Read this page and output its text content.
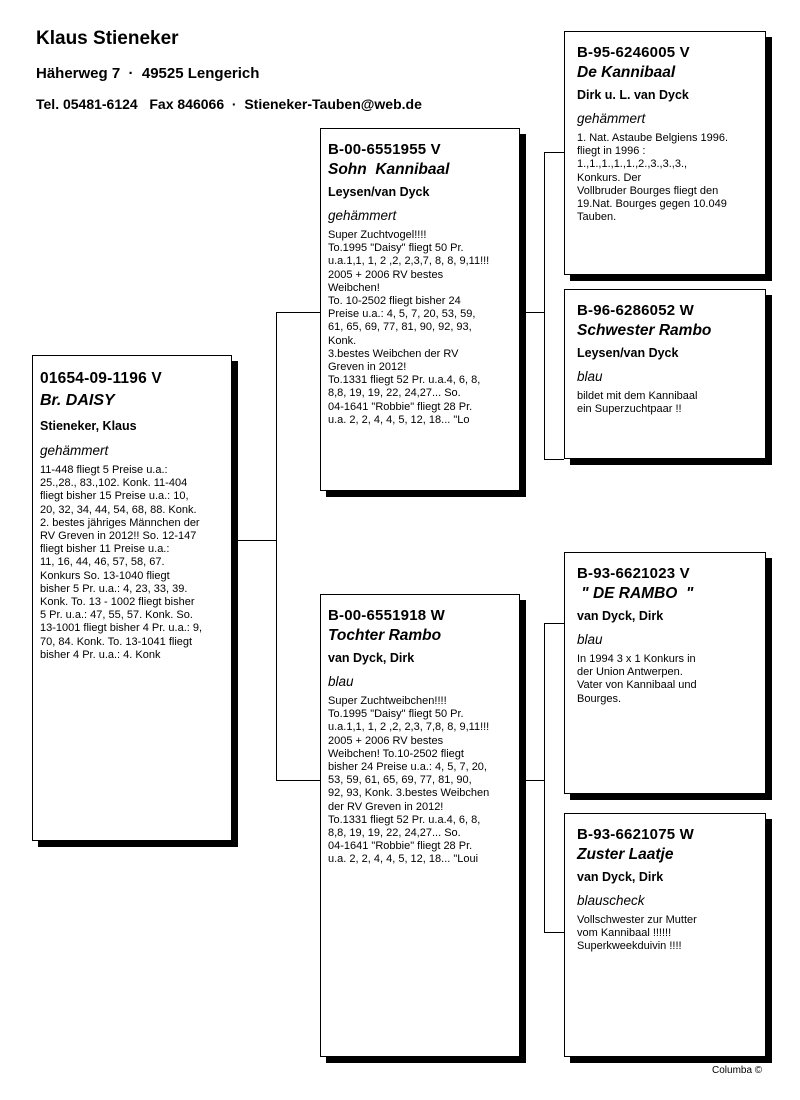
Klaus Stieneker
Häherweg 7  ·  49525 Lengerich
Tel. 05481-6124   Fax 846066  ·  Stieneker-Tauben@web.de
01654-09-1196 V
Br. DAISY
Stieneker, Klaus
gehämmert

11-448 fliegt 5 Preise u.a.:
25.,28., 83.,102. Konk. 11-404
fliegt bisher 15 Preise u.a.: 10,
20, 32, 34, 44, 54, 68, 88. Konk.
2. bestes jähriges Männchen der
RV Greven in 2012!! So. 12-147
fliegt bisher 11 Preise u.a.:
11, 16, 44, 46, 57, 58, 67.
Konkurs So. 13-1040 fliegt
bisher 5 Pr. u.a.: 4, 23, 33, 39.
Konk. To. 13 - 1002 fliegt bisher
5 Pr. u.a.: 47, 55, 57. Konk. So.
13-1001 fliegt bisher 4 Pr. u.a.: 9,
70, 84. Konk. To. 13-1041 fliegt
bisher 4 Pr. u.a.: 4. Konk

B-00-6551955 V
Sohn  Kannibaal
Leysen/van Dyck
gehämmert

Super Zuchtvogel!!!!
To.1995 "Daisy" fliegt 50 Pr.
u.a.1,1, 1, 2 ,2, 2,3,7, 8, 8, 9,11!!!
2005 + 2006 RV bestes
Weibchen!
To. 10-2502 fliegt bisher 24
Preise u.a.: 4, 5, 7, 20, 53, 59,
61, 65, 69, 77, 81, 90, 92, 93,
Konk.
3.bestes Weibchen der RV
Greven in 2012!
To.1331 fliegt 52 Pr. u.a.4, 6, 8,
8,8, 19, 19, 22, 24,27... So.
04-1641 "Robbie" fliegt 28 Pr.
u.a. 2, 2, 4, 4, 5, 12, 18... "Lo

B-00-6551918 W
Tochter Rambo
van Dyck, Dirk
blau

Super Zuchtweibchen!!!!
To.1995 "Daisy" fliegt 50 Pr.
u.a.1,1, 1, 2 ,2, 2,3, 7,8, 8, 9,11!!!
2005 + 2006 RV bestes
Weibchen! To.10-2502 fliegt
bisher 24 Preise u.a.: 4, 5, 7, 20,
53, 59, 61, 65, 69, 77, 81, 90,
92, 93, Konk. 3.bestes Weibchen
der RV Greven in 2012!
To.1331 fliegt 52 Pr. u.a.4, 6, 8,
8,8, 19, 19, 22, 24,27... So.
04-1641 "Robbie" fliegt 28 Pr.
u.a. 2, 2, 4, 4, 5, 12, 18... "Loui

B-95-6246005 V
De Kannibaal
Dirk u. L. van Dyck
gehämmert

1. Nat. Astaube Belgiens 1996.
fliegt in 1996 :
1.,1.,1.,1.,1.,2.,3.,3.,3.,
Konkurs. Der
Vollbruder Bourges fliegt den
19.Nat. Bourges gegen 10.049
Tauben.

B-96-6286052 W
Schwester Rambo
Leysen/van Dyck
blau

bildet mit dem Kannibaal
ein Superzuchtpaar !!

B-93-6621023 V
" DE RAMBO  "
van Dyck, Dirk
blau

In 1994 3 x 1 Konkurs in
der Union Antwerpen.
Vater von Kannibaal und
Bourges.

B-93-6621075 W
Zuster Laatje
van Dyck, Dirk
blauscheck

Vollschwester zur Mutter
vom Kannibaal !!!!!!
Superkweekduivin !!!!

Columba ©
